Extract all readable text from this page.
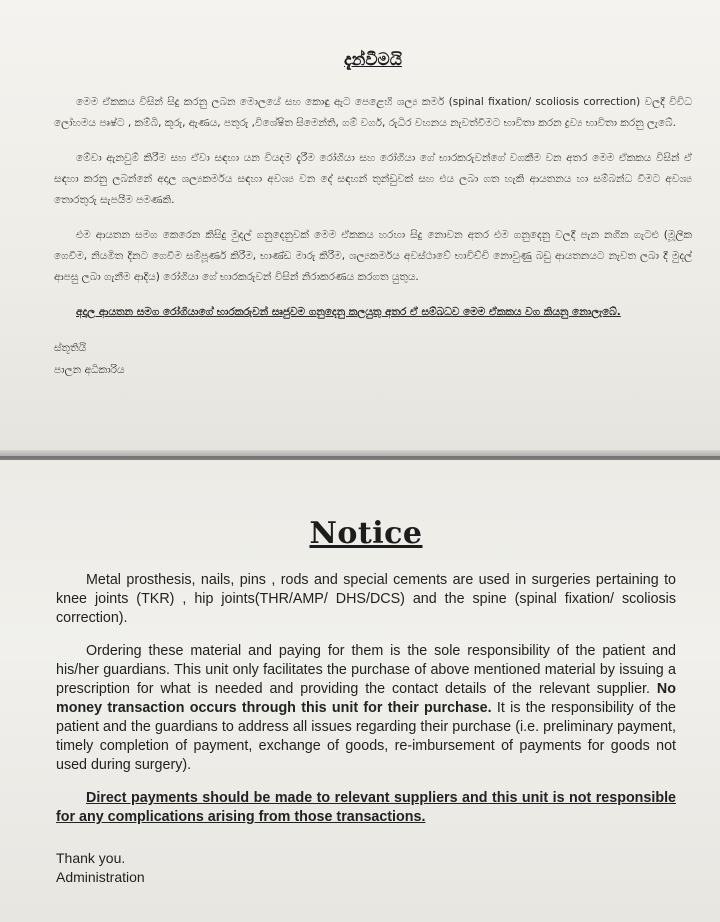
දැන්වීමයි

මෙම ඒකකය විසින් සිදු කරනු ලබන මොලයේ සහ කොඳු ඇට පෙළෙහි ශල්‍ය කර්ම (spinal fixation/ scoliosis correction) වලදී විවිධ ලෝහමය පෘෂ්ට , කම්බි, කූරු, ඇණය, පතුරු ,විශේෂිත සිමෙන්ති, ගම් වර්ග, රුධිර වහනය නැවත්වීමට භාවිතා කරන ද්‍රව්‍ය භාවිතා කරනු ලැබේ.

මේවා ඇනවුම් කිරීම සහ ඒවා සඳහා යන වියදම දැරීම රෝගියා සහ රෝගියා ගේ භාරකරුවන්ගේ වගකීම වන අතර මෙම ඒකකය විසින් ඒ සඳහා කරනු ලබන්නේ අදාල ශල්‍යකර්මය සඳහා අවශ්‍ය වන දේ සඳහන් තුන්ඩුවක් සහ එය ලබා ගත හැකි ආයතනය හා සම්බන්ධ වීමට අවශ්‍ය තොරතුරු සැපයීම පමණකි.

එම ආයතන සමග කෙරෙන කිසිදු මුදල් ගනුදෙනුවක් මෙම ඒකකය හරහා සිදු නොවන අතර එම ගනුදෙනු වලදී පැන නගින ගැටළු (මූලික ගෙවීම, නියමිත දිනට ගෙවීම සම්පූර්ණ කිරීම, භාණ්ඩ මාරු කිරීම, ශල්‍යකර්මය අවස්ථාවේ භාවිච්චි නොවුණු බඩු ආයතනයට නැවත ලබා දී මුදල් ආපසු ලබා ගැනීම ආදිය) රෝගියා ගේ භාරකරුවන් විසින් නිරාකරණය කරගත යුතුය.

අදාල ආයතන සමග රෝගියාගේ භාරකරුවන් සෘජුවම ගනුදෙනු කලයුතු අතර ඒ සම්බධව මෙම ඒකකය වග කියනු නොලැබේ.

ස්තූතියි

පාලන අධිකාරිය

Notice

Metal prosthesis, nails, pins , rods and special cements are used in surgeries pertaining to knee joints (TKR) , hip joints(THR/AMP/ DHS/DCS) and the spine (spinal fixation/ scoliosis correction).

Ordering these material and paying for them is the sole responsibility of the patient and his/her guardians. This unit only facilitates the purchase of above mentioned material by issuing a prescription for what is needed and providing the contact details of the relevant supplier. No money transaction occurs through this unit for their purchase. It is the responsibility of the patient and the guardians to address all issues regarding their purchase (i.e. preliminary payment, timely completion of payment, exchange of goods, re-imbursement of payments for goods not used during surgery).

Direct payments should be made to relevant suppliers and this unit is not responsible for any complications arising from those transactions.

Thank you.

Administration
